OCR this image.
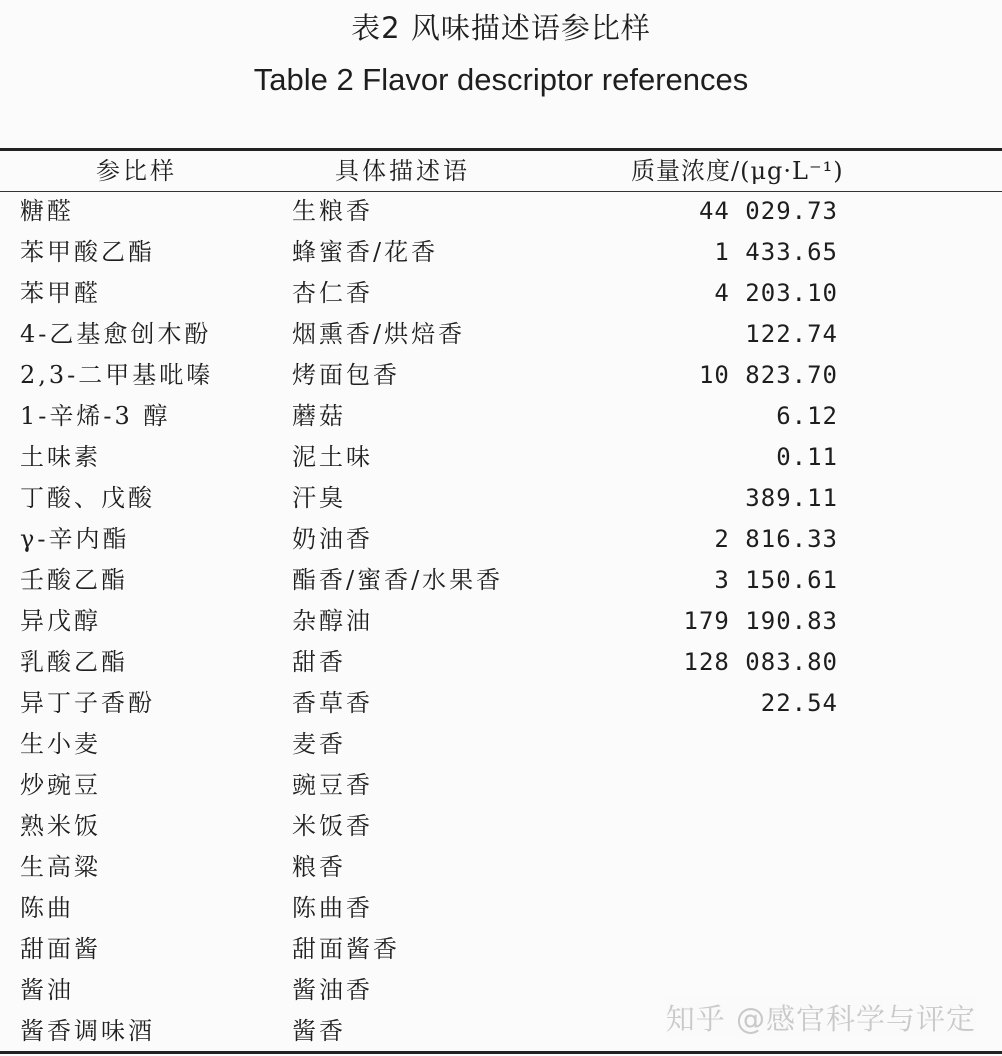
表2 风味描述语参比样
Table 2 Flavor descriptor references
参比样	具体描述语	质量浓度/(μg·L⁻¹)
糖醛	生粮香	44 029.73
苯甲酸乙酯	蜂蜜香/花香	1 433.65
苯甲醛	杏仁香	4 203.10
4-乙基愈创木酚	烟熏香/烘焙香	122.74
2,3-二甲基吡嗪	烤面包香	10 823.70
1-辛烯-3 醇	蘑菇	6.12
土味素	泥土味	0.11
丁酸、戊酸	汗臭	389.11
γ-辛内酯	奶油香	2 816.33
壬酸乙酯	酯香/蜜香/水果香	3 150.61
异戊醇	杂醇油	179 190.83
乳酸乙酯	甜香	128 083.80
异丁子香酚	香草香	22.54
生小麦	麦香
炒豌豆	豌豆香
熟米饭	米饭香
生高粱	粮香
陈曲	陈曲香
甜面酱	甜面酱香
酱油	酱油香
酱香调味酒	酱香	知乎 @感官科学与评定
